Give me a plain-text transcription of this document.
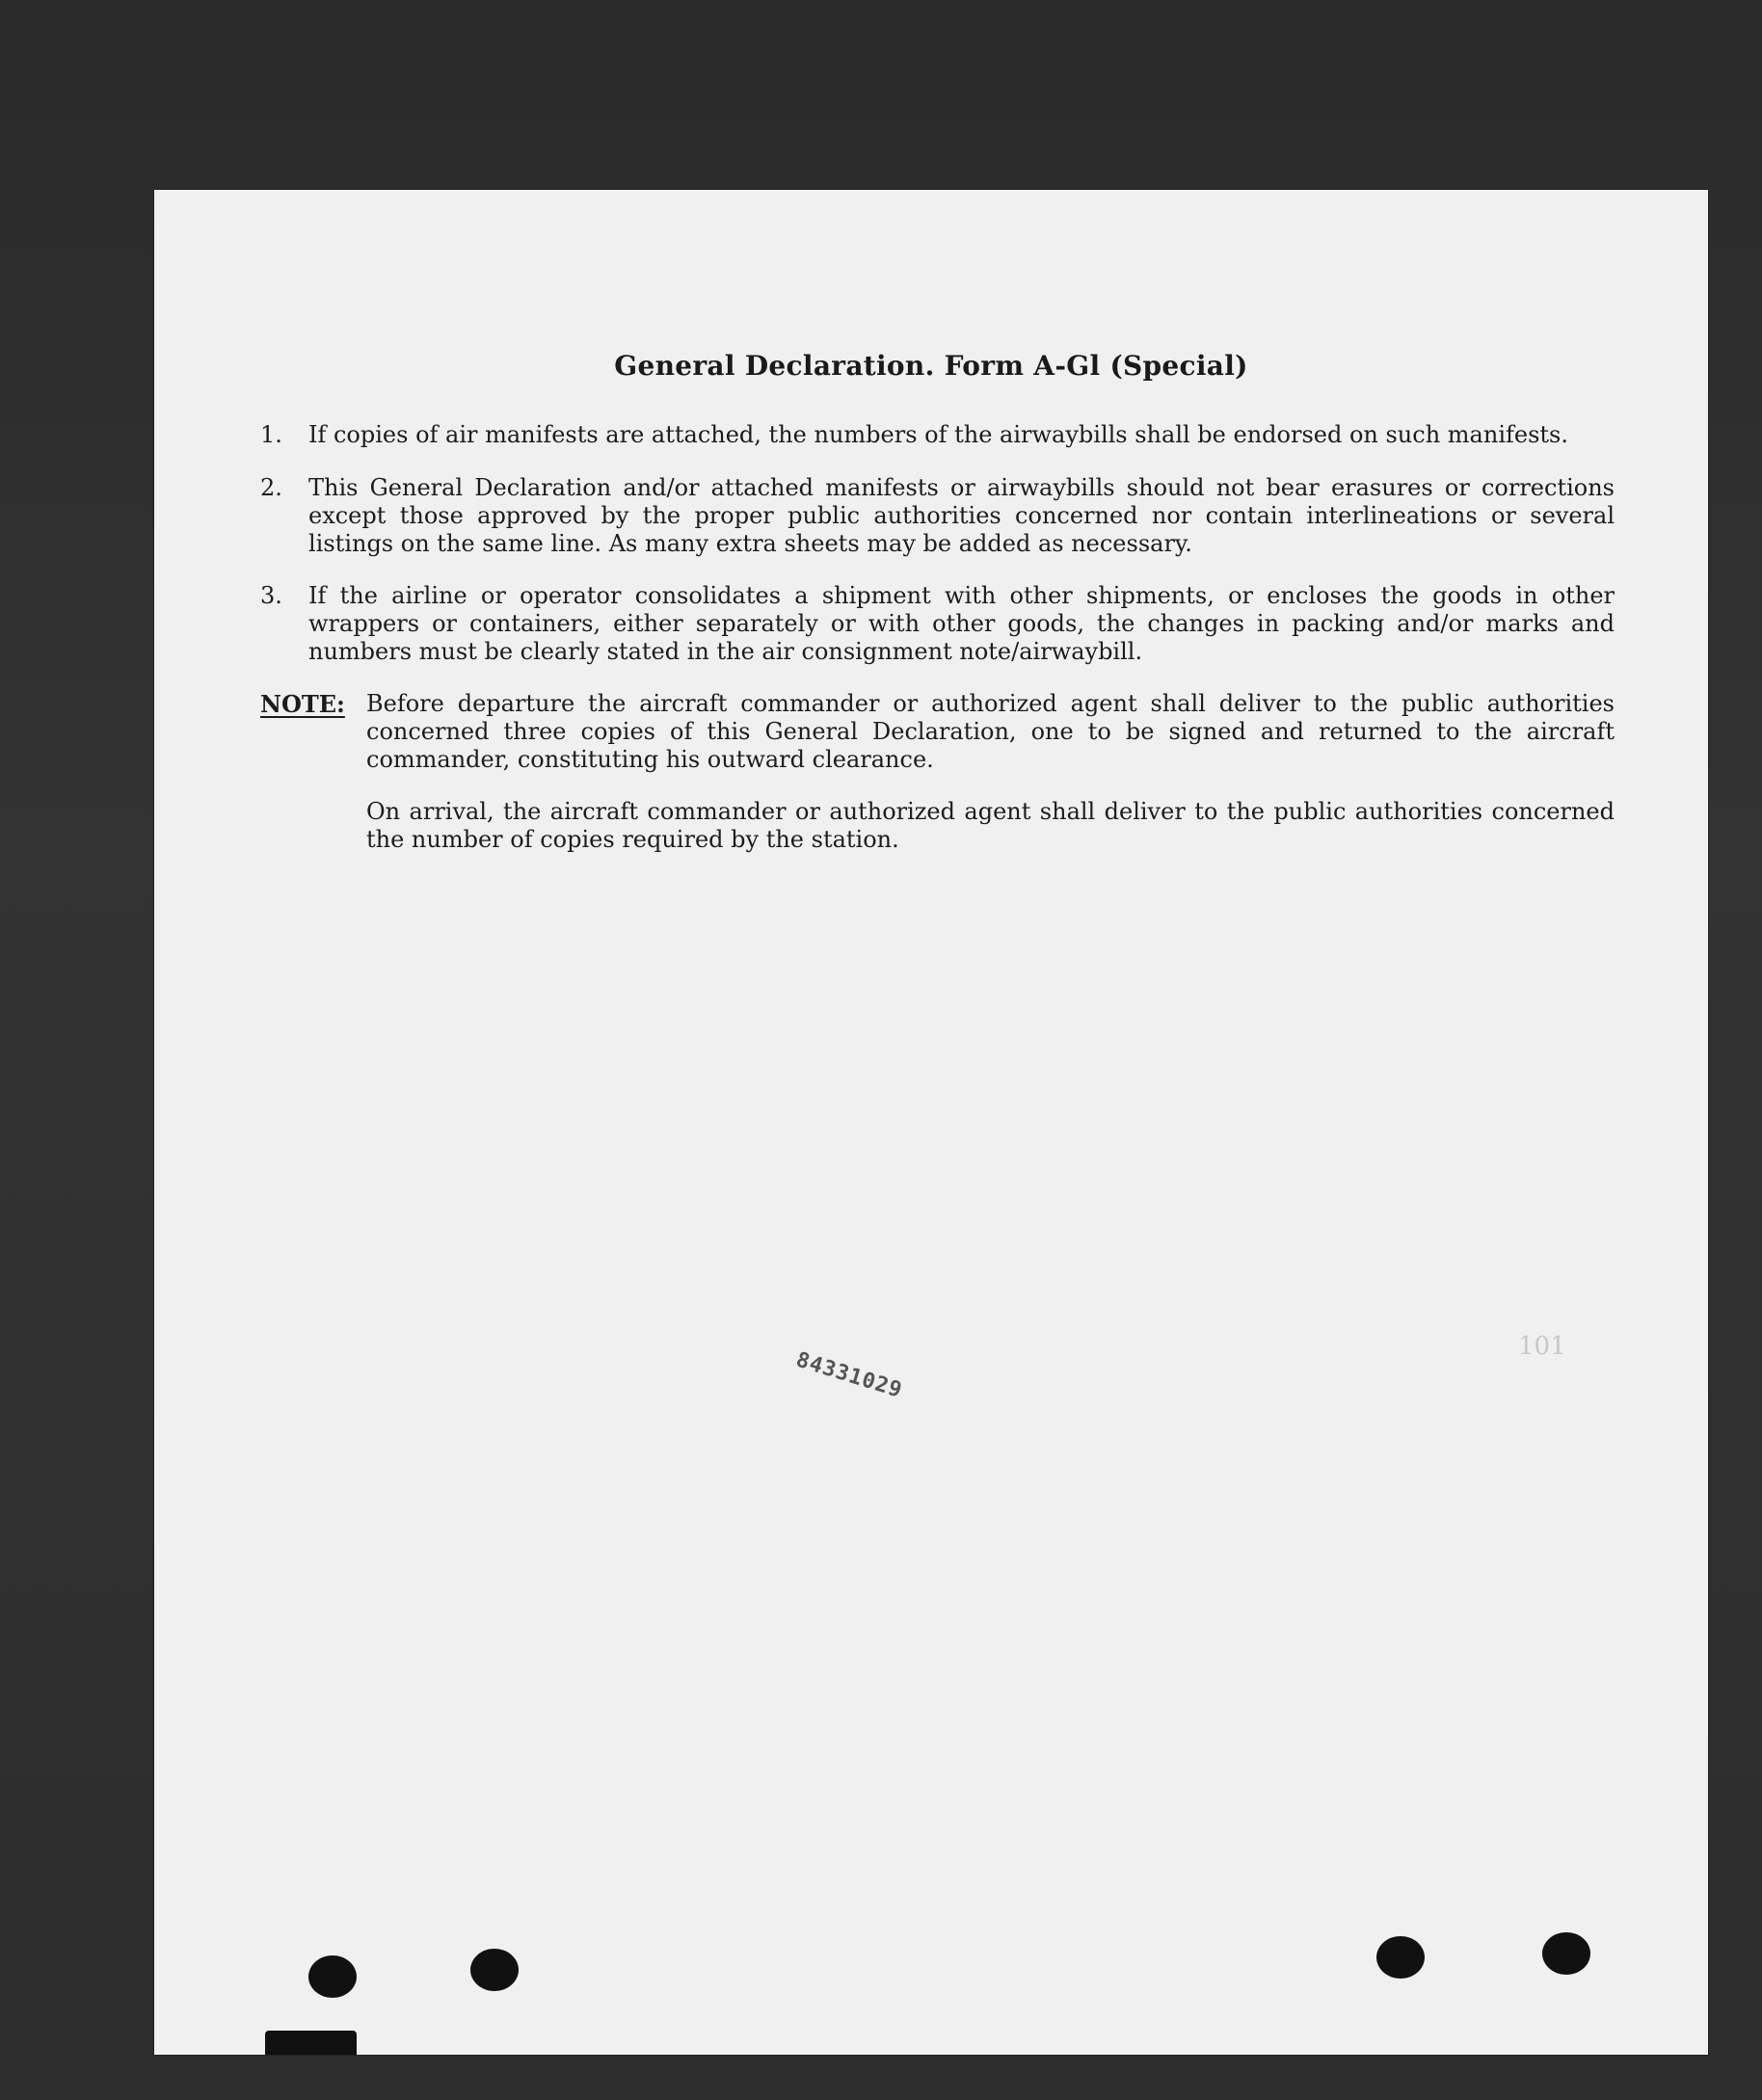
General Declaration. Form A-Gl (Special)
1.	If copies of air manifests are attached, the numbers of the airwaybills shall be endorsed on such manifests.
2.	This General Declaration and/or attached manifests or airwaybills should not bear erasures or corrections except those approved by the proper public authorities concerned nor contain interlineations or several listings on the same line. As many extra sheets may be added as necessary.
3.	If the airline or operator consolidates a shipment with other shipments, or encloses the goods in other wrappers or containers, either separately or with other goods, the changes in packing and/or marks and numbers must be clearly stated in the air consignment note/airwaybill.
NOTE: Before departure the aircraft commander or authorized agent shall deliver to the public authorities concerned three copies of this General Declaration, one to be signed and returned to the aircraft commander, constituting his outward clearance.
On arrival, the aircraft commander or authorized agent shall deliver to the public authorities concerned the number of copies required by the station.
84331029
101
